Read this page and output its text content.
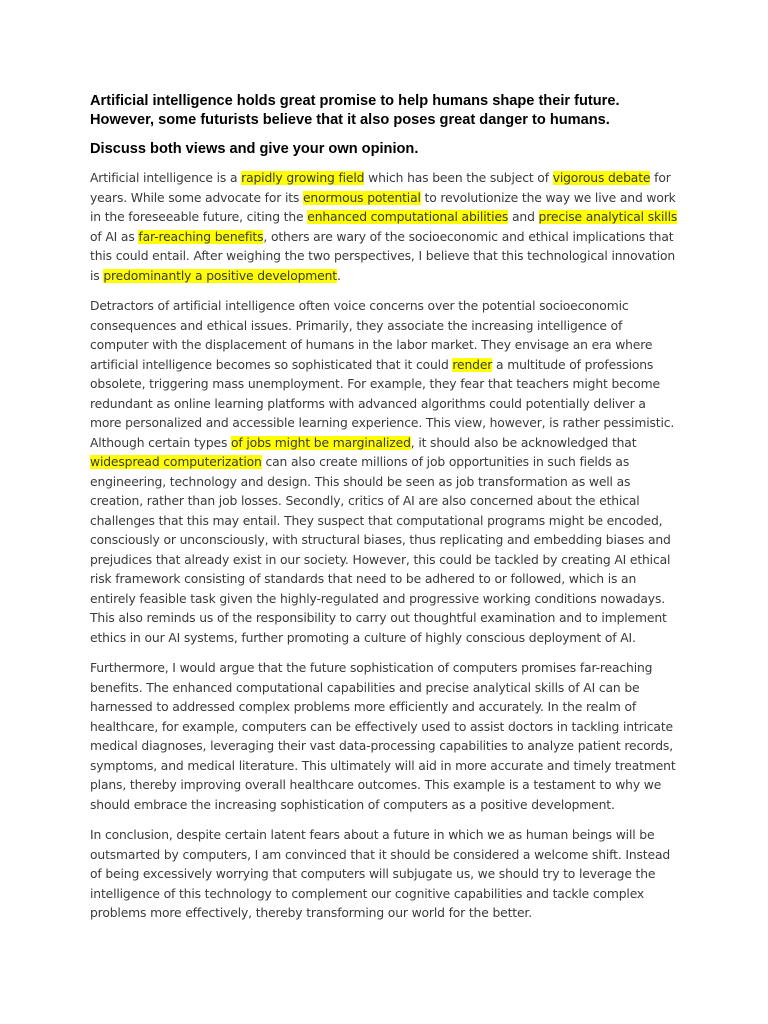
Artificial intelligence holds great promise to help humans shape their future.
However, some futurists believe that it also poses great danger to humans.

Discuss both views and give your own opinion.

Artificial intelligence is a rapidly growing field which has been the subject of vigorous debate for years. While some advocate for its enormous potential to revolutionize the way we live and work in the foreseeable future, citing the enhanced computational abilities and precise analytical skills of AI as far-reaching benefits, others are wary of the socioeconomic and ethical implications that this could entail. After weighing the two perspectives, I believe that this technological innovation is predominantly a positive development.

Detractors of artificial intelligence often voice concerns over the potential socioeconomic consequences and ethical issues. Primarily, they associate the increasing intelligence of computer with the displacement of humans in the labor market. They envisage an era where artificial intelligence becomes so sophisticated that it could render a multitude of professions obsolete, triggering mass unemployment. For example, they fear that teachers might become redundant as online learning platforms with advanced algorithms could potentially deliver a more personalized and accessible learning experience. This view, however, is rather pessimistic. Although certain types of jobs might be marginalized, it should also be acknowledged that widespread computerization can also create millions of job opportunities in such fields as engineering, technology and design. This should be seen as job transformation as well as creation, rather than job losses. Secondly, critics of AI are also concerned about the ethical challenges that this may entail. They suspect that computational programs might be encoded, consciously or unconsciously, with structural biases, thus replicating and embedding biases and prejudices that already exist in our society. However, this could be tackled by creating AI ethical risk framework consisting of standards that need to be adhered to or followed, which is an entirely feasible task given the highly-regulated and progressive working conditions nowadays. This also reminds us of the responsibility to carry out thoughtful examination and to implement ethics in our AI systems, further promoting a culture of highly conscious deployment of AI.

Furthermore, I would argue that the future sophistication of computers promises far-reaching benefits. The enhanced computational capabilities and precise analytical skills of AI can be harnessed to addressed complex problems more efficiently and accurately. In the realm of healthcare, for example, computers can be effectively used to assist doctors in tackling intricate medical diagnoses, leveraging their vast data-processing capabilities to analyze patient records, symptoms, and medical literature. This ultimately will aid in more accurate and timely treatment plans, thereby improving overall healthcare outcomes. This example is a testament to why we should embrace the increasing sophistication of computers as a positive development.

In conclusion, despite certain latent fears about a future in which we as human beings will be outsmarted by computers, I am convinced that it should be considered a welcome shift. Instead of being excessively worrying that computers will subjugate us, we should try to leverage the intelligence of this technology to complement our cognitive capabilities and tackle complex problems more effectively, thereby transforming our world for the better.
